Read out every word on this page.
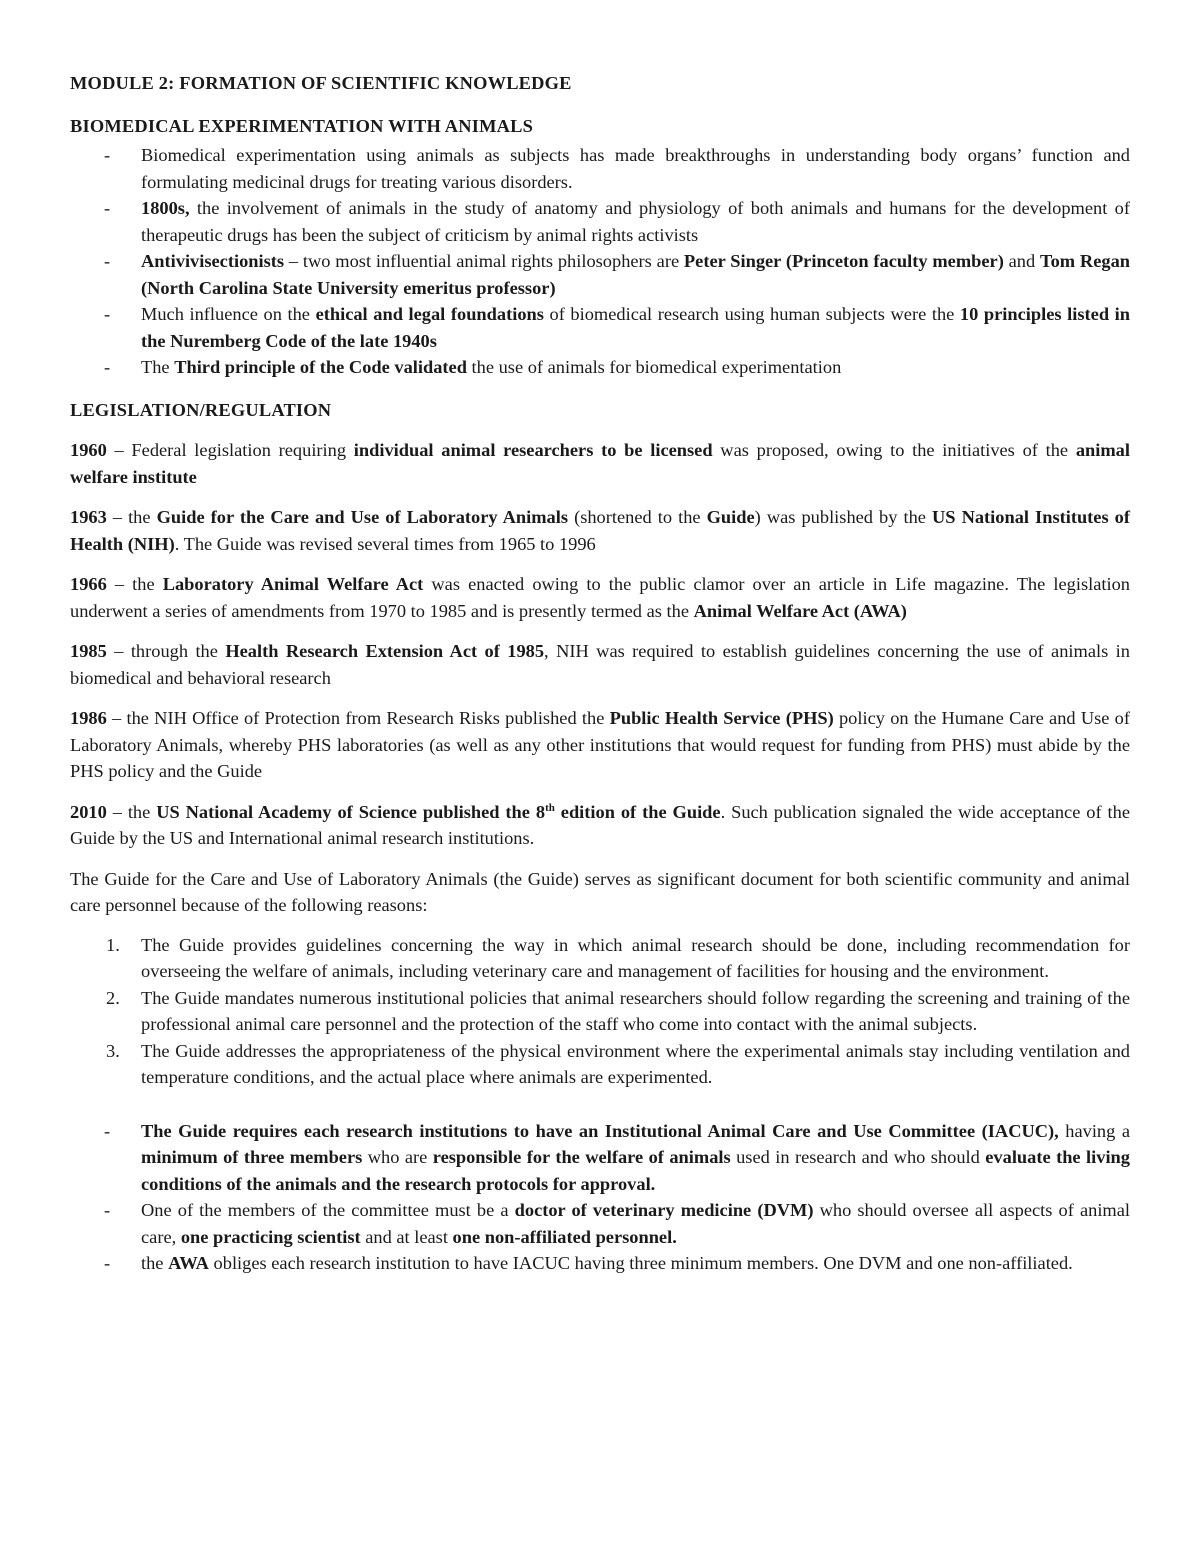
MODULE 2: FORMATION OF SCIENTIFIC KNOWLEDGE
BIOMEDICAL EXPERIMENTATION WITH ANIMALS
- Biomedical experimentation using animals as subjects has made breakthroughs in understanding body organs’ function and formulating medicinal drugs for treating various disorders.
- 1800s, the involvement of animals in the study of anatomy and physiology of both animals and humans for the development of therapeutic drugs has been the subject of criticism by animal rights activists
- Antivivisectionists – two most influential animal rights philosophers are Peter Singer (Princeton faculty member) and Tom Regan (North Carolina State University emeritus professor)
- Much influence on the ethical and legal foundations of biomedical research using human subjects were the 10 principles listed in the Nuremberg Code of the late 1940s
- The Third principle of the Code validated the use of animals for biomedical experimentation
LEGISLATION/REGULATION

1960 – Federal legislation requiring individual animal researchers to be licensed was proposed, owing to the initiatives of the animal welfare institute

1963 – the Guide for the Care and Use of Laboratory Animals (shortened to the Guide) was published by the US National Institutes of Health (NIH). The Guide was revised several times from 1965 to 1996

1966 – the Laboratory Animal Welfare Act was enacted owing to the public clamor over an article in Life magazine. The legislation underwent a series of amendments from 1970 to 1985 and is presently termed as the Animal Welfare Act (AWA)

1985 – through the Health Research Extension Act of 1985, NIH was required to establish guidelines concerning the use of animals in biomedical and behavioral research

1986 – the NIH Office of Protection from Research Risks published the Public Health Service (PHS) policy on the Humane Care and Use of Laboratory Animals, whereby PHS laboratories (as well as any other institutions that would request for funding from PHS) must abide by the PHS policy and the Guide

2010 – the US National Academy of Science published the 8th edition of the Guide. Such publication signaled the wide acceptance of the Guide by the US and International animal research institutions.

The Guide for the Care and Use of Laboratory Animals (the Guide) serves as significant document for both scientific community and animal care personnel because of the following reasons:

1. The Guide provides guidelines concerning the way in which animal research should be done, including recommendation for overseeing the welfare of animals, including veterinary care and management of facilities for housing and the environment.
2. The Guide mandates numerous institutional policies that animal researchers should follow regarding the screening and training of the professional animal care personnel and the protection of the staff who come into contact with the animal subjects.
3. The Guide addresses the appropriateness of the physical environment where the experimental animals stay including ventilation and temperature conditions, and the actual place where animals are experimented.
- The Guide requires each research institutions to have an Institutional Animal Care and Use Committee (IACUC), having a minimum of three members who are responsible for the welfare of animals used in research and who should evaluate the living conditions of the animals and the research protocols for approval.
- One of the members of the committee must be a doctor of veterinary medicine (DVM) who should oversee all aspects of animal care, one practicing scientist and at least one non-affiliated personnel.
- the AWA obliges each research institution to have IACUC having three minimum members. One DVM and one non-affiliated.
